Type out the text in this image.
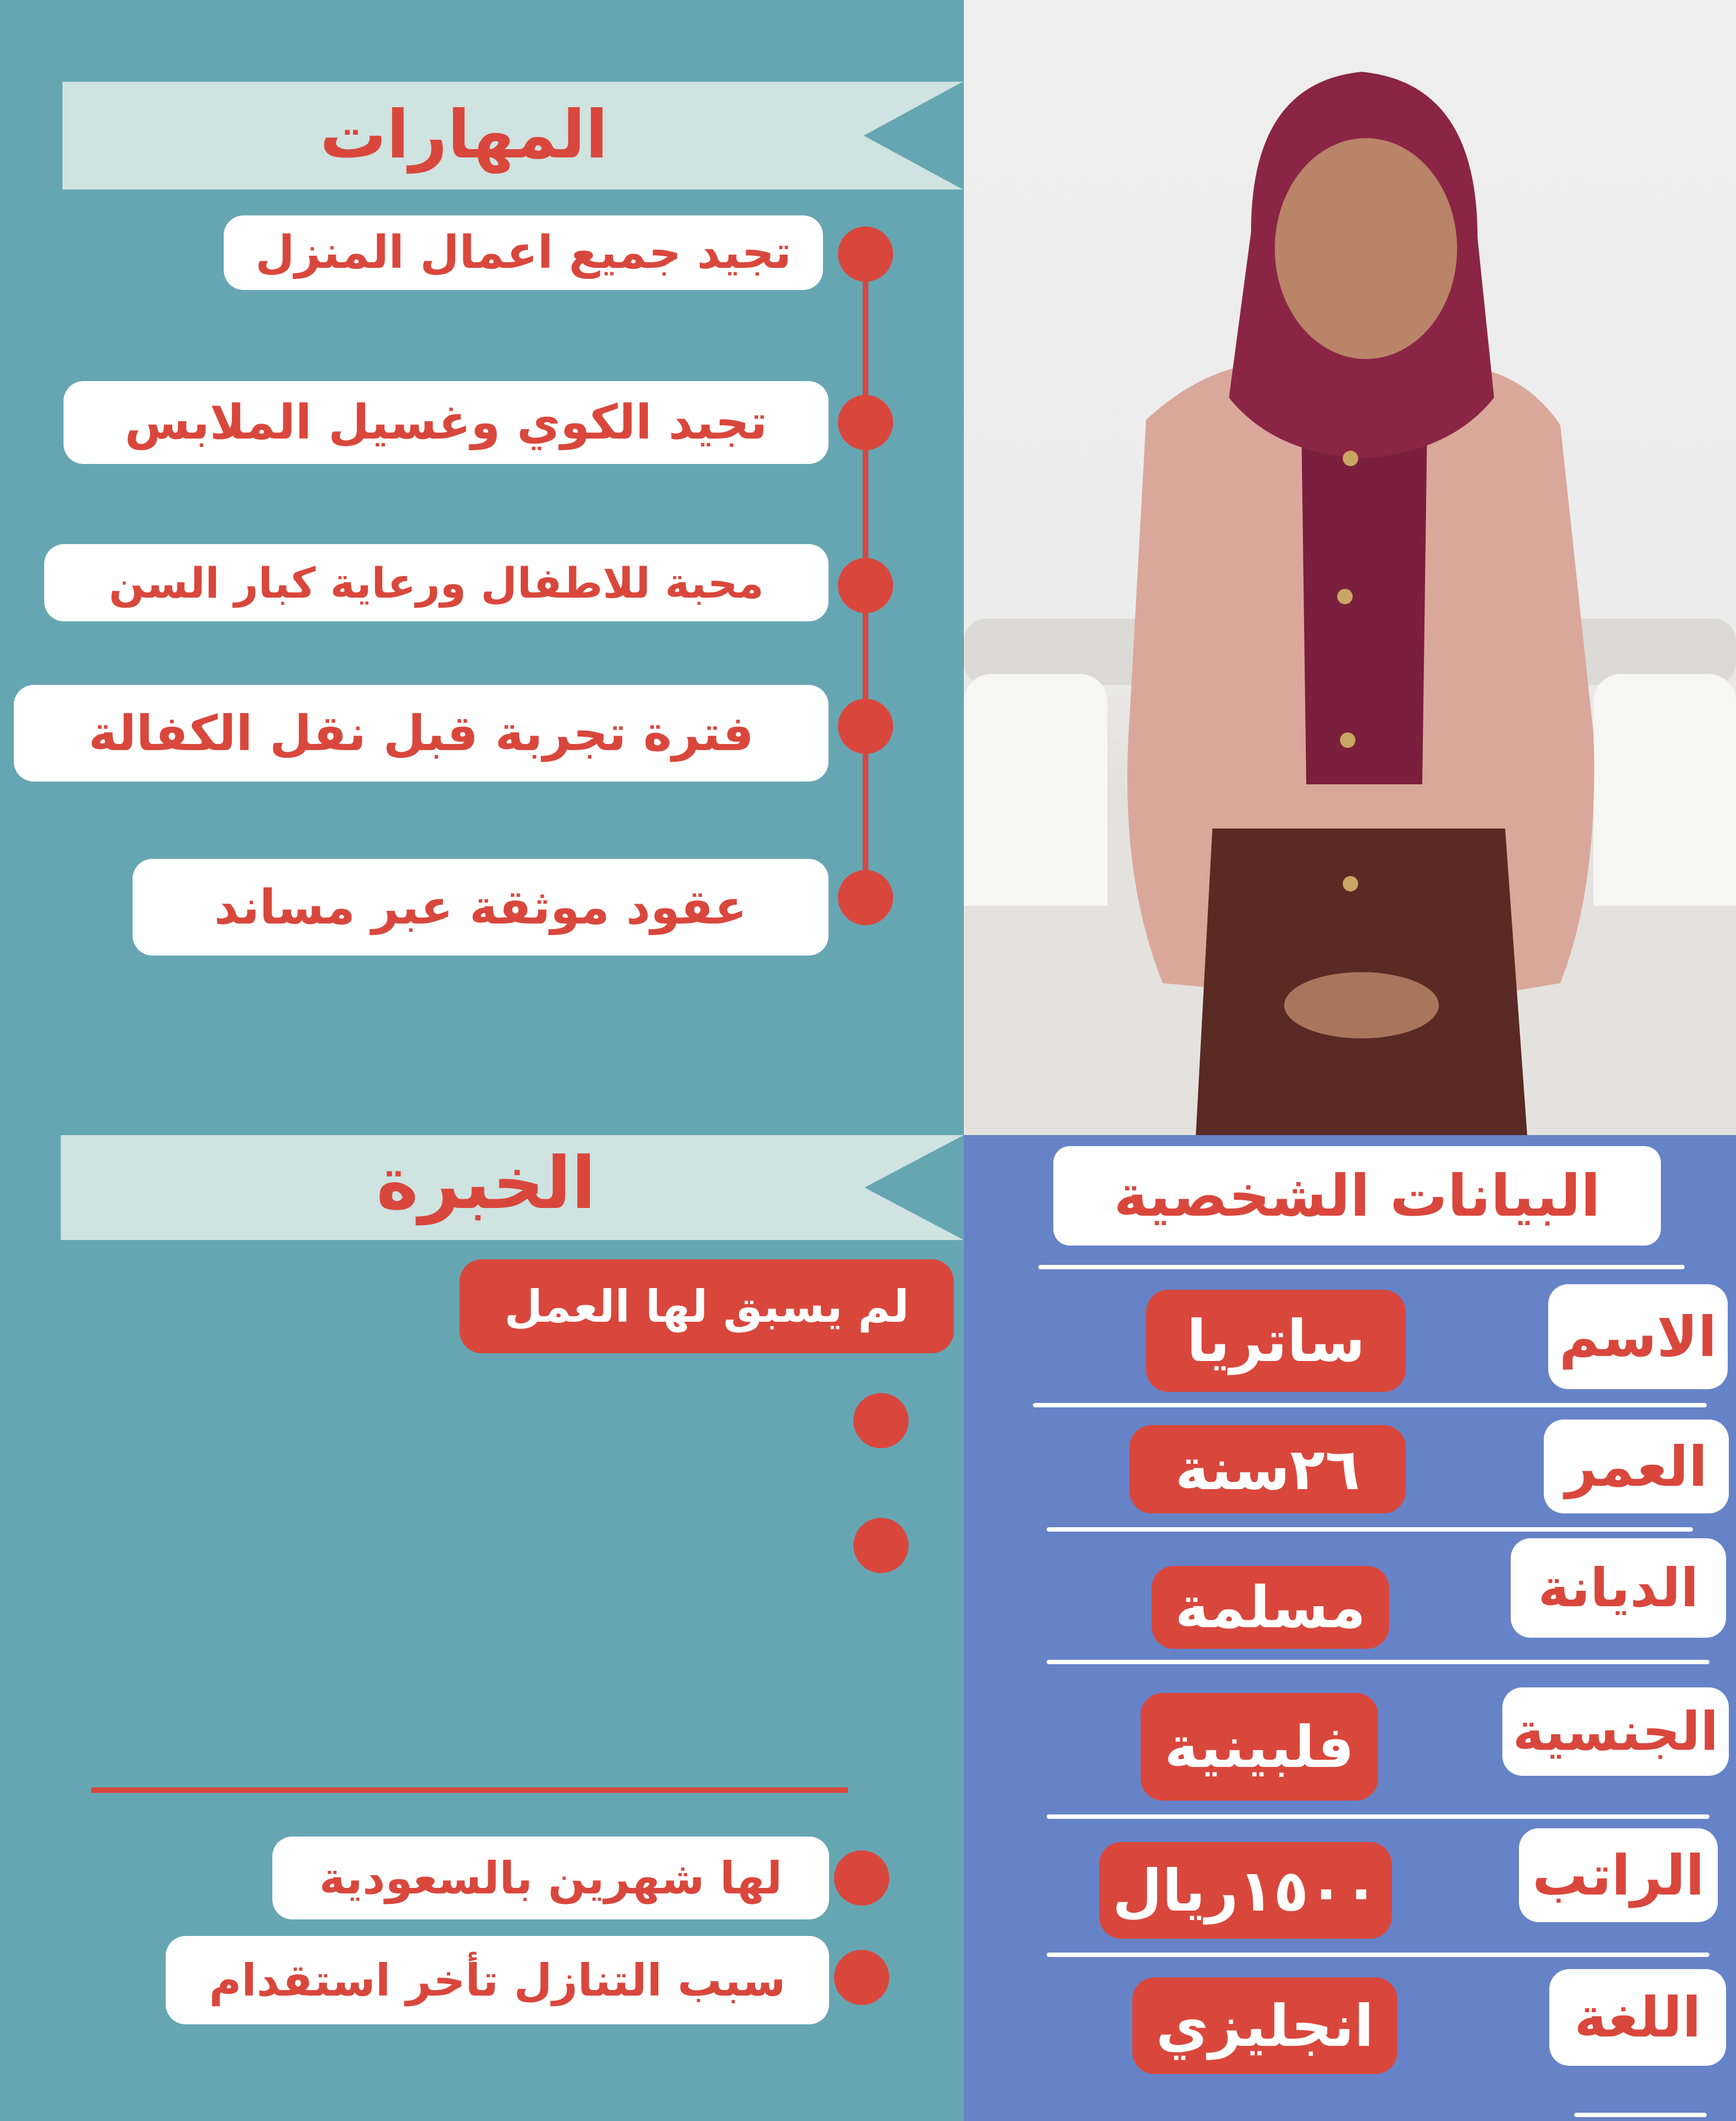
المهارات
تجيد جميع اعمال المنزل
تجيد الكوي وغسيل الملابس
محبة للاطفال ورعاية كبار السن
فترة تجربة قبل نقل الكفالة
عقود موثقة عبر مساند
الخبرة
لم يسبق لها العمل
لها شهرين بالسعودية
سبب التنازل تأخر استقدام
البيانات الشخصية
الاسم
العمر
الديانة
الجنسية
الراتب
اللغة
ساتريا
٢٦سنة
مسلمة
فلبينية
١٥٠٠ريال
انجليزي
